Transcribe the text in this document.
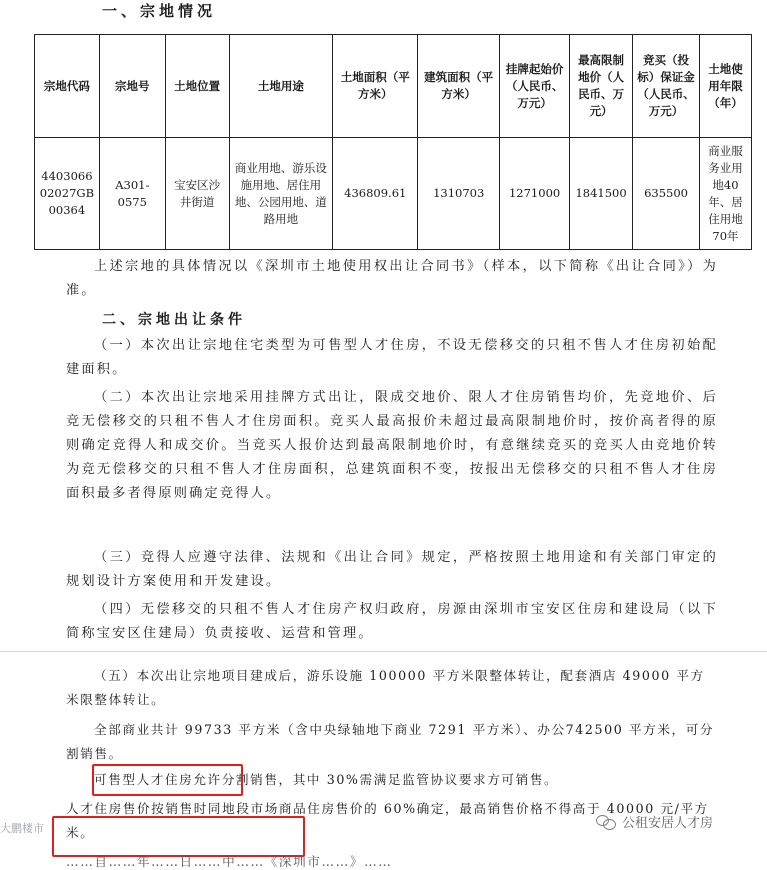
一、宗地情况
宗地代码	宗地号	土地位置	土地用途	土地面积（平方米）	建筑面积（平方米）	挂牌起始价（人民币、万元）	最高限制地价（人民币、万元）	竞买（投标）保证金（人民币、万元）	土地使用年限（年）
440306602027GB00364	A301-0575	宝安区沙井街道	商业用地、游乐设施用地、居住用地、公园用地、道路用地	436809.61	1310703	1271000	1841500	635500	商业服务业用地40年、居住用地70年
上述宗地的具体情况以《深圳市土地使用权出让合同书》（样本，以下简称《出让合同》）为准。
二、宗地出让条件
（一）本次出让宗地住宅类型为可售型人才住房，不设无偿移交的只租不售人才住房初始配建面积。
（二）本次出让宗地采用挂牌方式出让，限成交地价、限人才住房销售均价，先竞地价、后竞无偿移交的只租不售人才住房面积。竞买人最高报价未超过最高限制地价时，按价高者得的原则确定竞得人和成交价。当竞买人报价达到最高限制地价时，有意继续竞买的竞买人由竞地价转为竞无偿移交的只租不售人才住房面积，总建筑面积不变，按报出无偿移交的只租不售人才住房面积最多者得原则确定竞得人。
（三）竞得人应遵守法律、法规和《出让合同》规定，严格按照土地用途和有关部门审定的规划设计方案使用和开发建设。
（四）无偿移交的只租不售人才住房产权归政府，房源由深圳市宝安区住房和建设局（以下简称宝安区住建局）负责接收、运营和管理。
（五）本次出让宗地项目建成后，游乐设施 100000 平方米限整体转让，配套酒店 49000 平方米限整体转让。
全部商业共计 99733 平方米（含中央绿轴地下商业 7291 平方米）、办公742500 平方米，可分割销售。
可售型人才住房允许分割销售，其中 30%需满足监管协议要求方可销售。
人才住房售价按销售时同地段市场商品住房售价的 60%确定，最高销售价格不得高于 40000 元/平方米。
大鹏楼市	公租安居人才房
……自……年……日……中……《深圳市……》……
